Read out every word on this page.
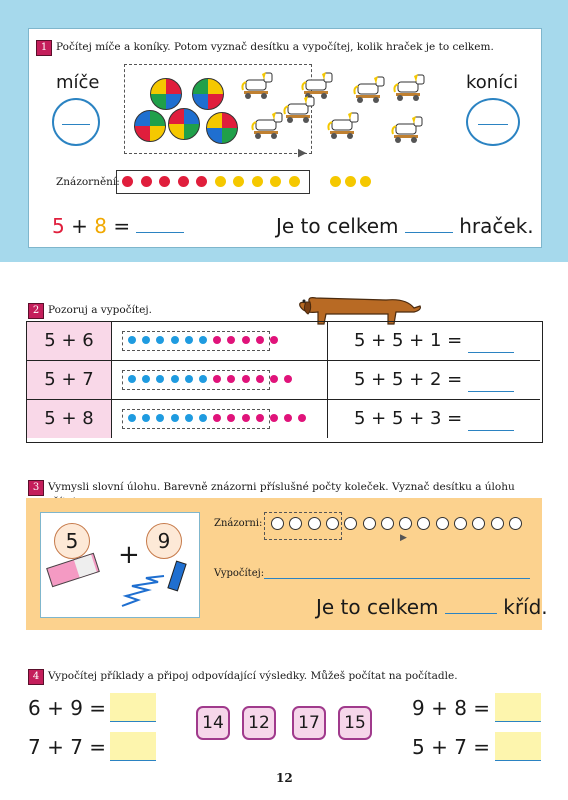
1 Počítej míče a koníky. Potom vyznač desítku a vypočítej, kolik hraček je to celkem.
míče	koníci
▶
Znázornění:
5 + 8 =	Je to celkem	hraček.
2 Pozoruj a vypočítej.
5 + 6	5 + 5 + 1 =
5 + 7	5 + 5 + 2 =
5 + 8	5 + 5 + 3 =
3 Vymysli slovní úlohu. Barevně znázorni příslušné počty koleček. Vyznač desítku a úlohu
5	+ 9
Znázorni:
▶
Vypočítej:
Je to celkem	kříd.
4 Vypočítej příklady a připoj odpovídající výsledky. Můžeš počítat na počítadle.
6 + 9 =
7 + 7 =
14	12	17	15
9 + 8 =
5 + 7 =
12
